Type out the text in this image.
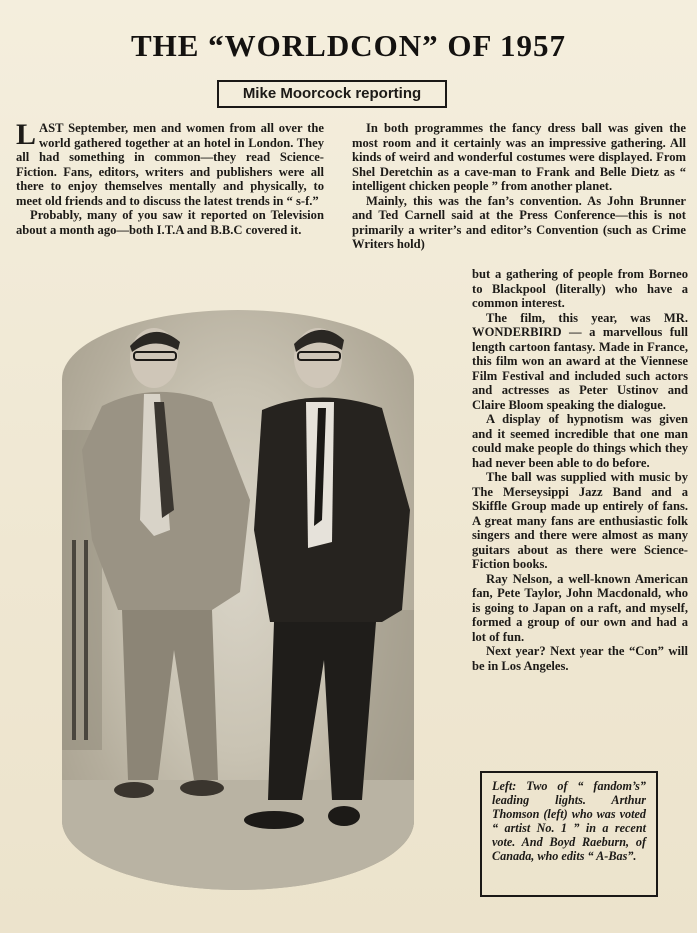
THE “WORLDCON” OF 1957
Mike Moorcock reporting

LAST September, men and women from all over the world gathered together at an hotel in London. They all had something in common—they read Science-Fiction. Fans, editors, writers and publishers were all there to enjoy themselves mentally and physically, to meet old friends and to discuss the latest trends in “ s-f.”

Probably, many of you saw it reported on Television about a month ago—both I.T.A and B.B.C covered it.

In both programmes the fancy dress ball was given the most room and it certainly was an impressive gathering. All kinds of weird and wonderful costumes were displayed. From Shel Deretchin as a cave-man to Frank and Belle Dietz as “ intelligent chicken people ” from another planet.

Mainly, this was the fan’s convention. As John Brunner and Ted Carnell said at the Press Conference—this is not primarily a writer’s and editor’s Convention (such as Crime Writers hold)

but a gathering of people from Borneo to Blackpool (literally) who have a common interest.

The film, this year, was MR. WONDERBIRD — a marvellous full length cartoon fantasy. Made in France, this film won an award at the Viennese Film Festival and included such actors and actresses as Peter Ustinov and Claire Bloom speaking the dialogue.

A display of hypnotism was given and it seemed incredible that one man could make people do things which they had never been able to do before.

The ball was supplied with music by The Merseysippi Jazz Band and a Skiffle Group made up entirely of fans. A great many fans are enthusiastic folk singers and there were almost as many guitars about as there were Science-Fiction books.

Ray Nelson, a well-known American fan, Pete Taylor, John Macdonald, who is going to Japan on a raft, and myself, formed a group of our own and had a lot of fun.

Next year? Next year the “Con” will be in Los Angeles.

Left: Two of “ fandom’s” leading lights. Arthur Thomson (left) who was voted “ artist No. 1 ” in a recent vote. And Boyd Raeburn, of Canada, who edits “ A-Bas”.
